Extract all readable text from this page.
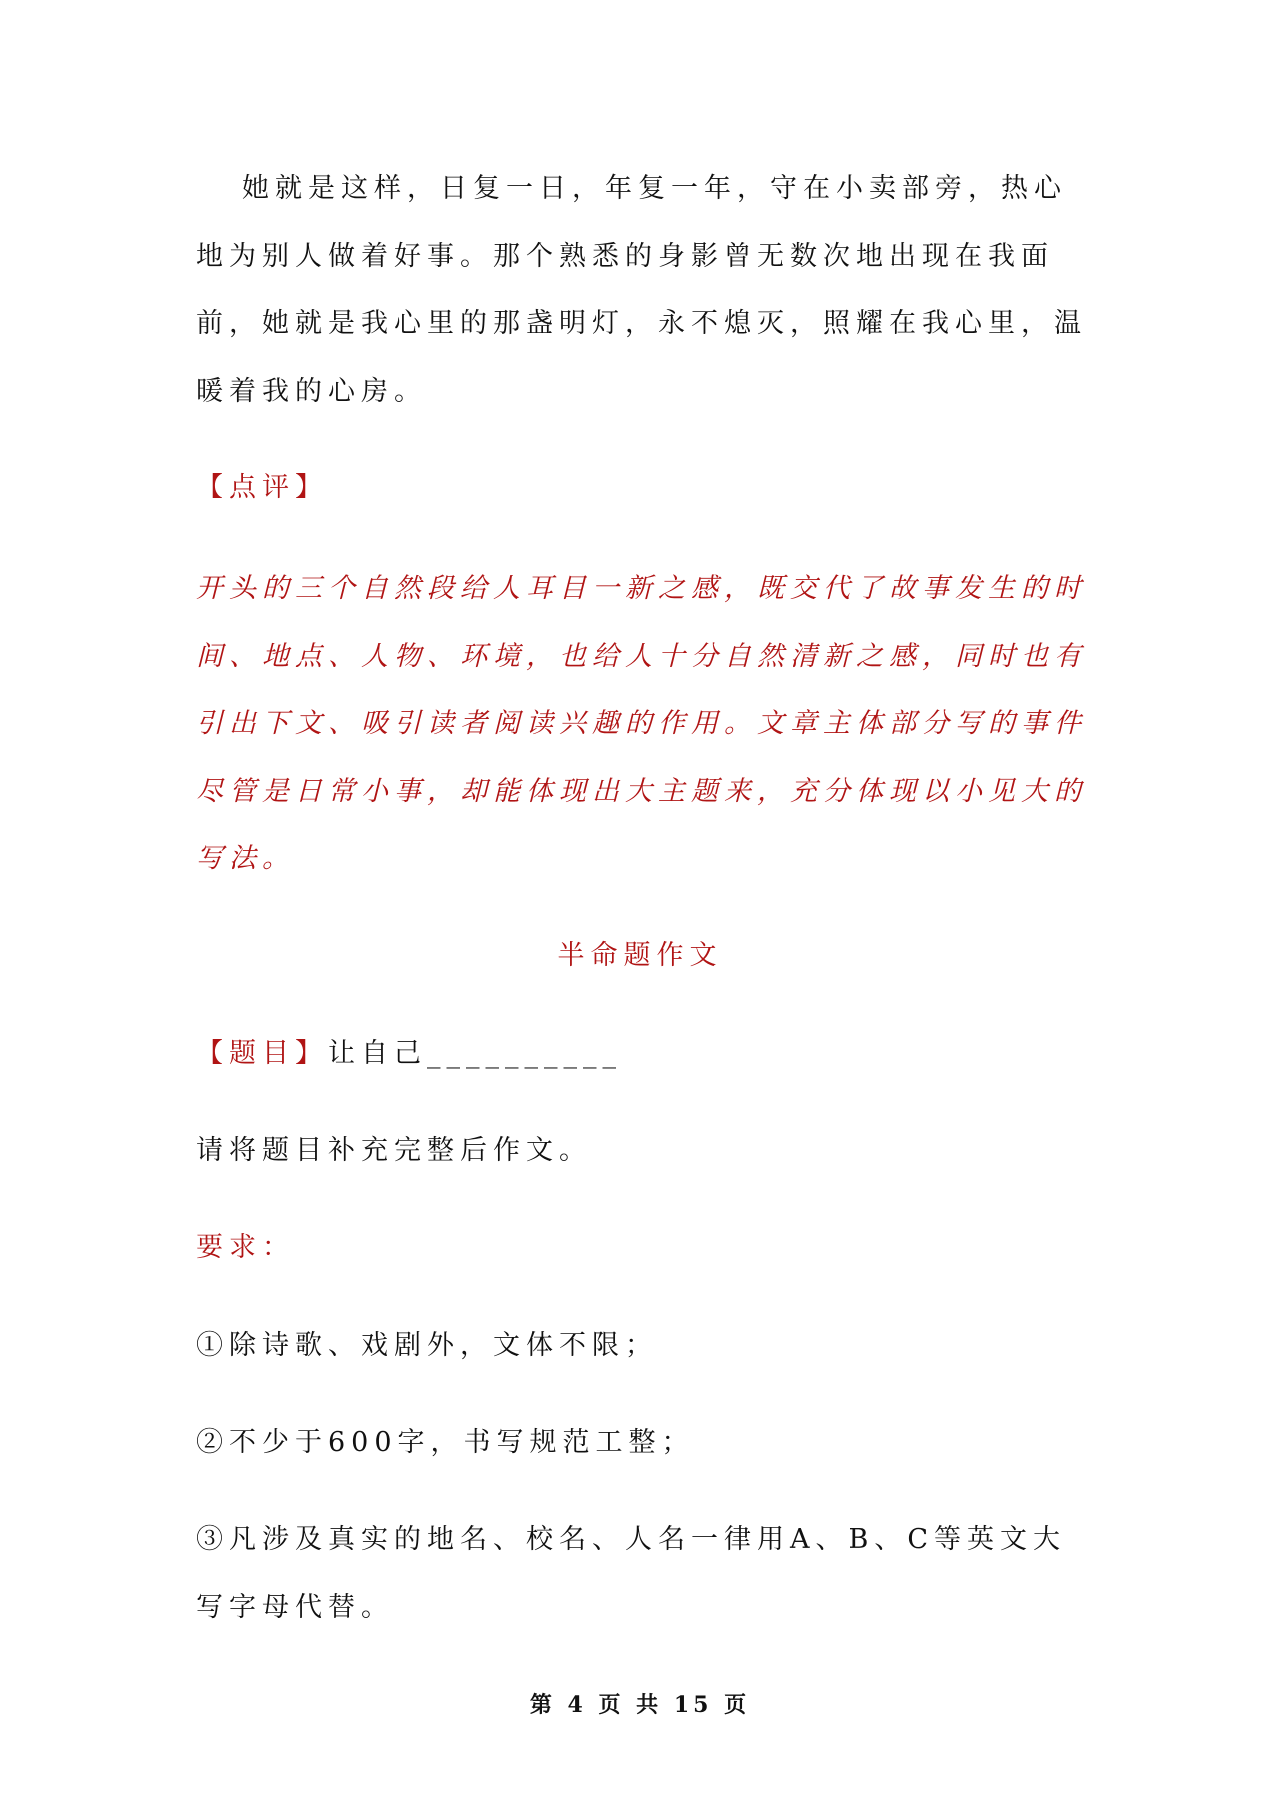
她就是这样，日复一日，年复一年，守在小卖部旁，热心地为别人做着好事。那个熟悉的身影曾无数次地出现在我面前，她就是我心里的那盏明灯，永不熄灭，照耀在我心里，温暖着我的心房。

【点评】

开头的三个自然段给人耳目一新之感，既交代了故事发生的时间、地点、人物、环境，也给人十分自然清新之感，同时也有引出下文、吸引读者阅读兴趣的作用。文章主体部分写的事件尽管是日常小事，却能体现出大主题来，充分体现以小见大的写法。

半命题作文
【题目】让自己__________
请将题目补充完整后作文。
要求：
①除诗歌、戏剧外，文体不限；
②不少于600字，书写规范工整；

③凡涉及真实的地名、校名、人名一律用A、B、C等英文大写字母代替。

第 4 页 共 15 页
